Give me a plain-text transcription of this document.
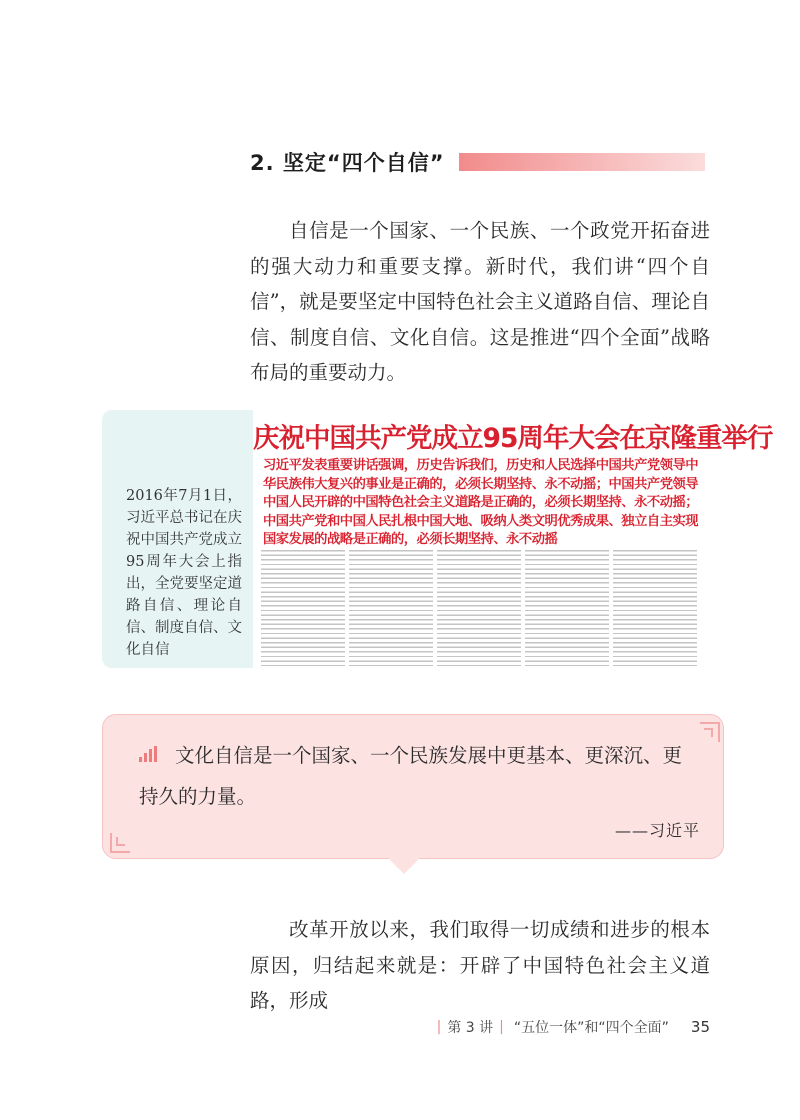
2. 坚定“四个自信”

自信是一个国家、一个民族、一个政党开拓奋进的强大动力和重要支撑。新时代，我们讲“四个自信”，就是要坚定中国特色社会主义道路自信、理论自信、制度自信、文化自信。这是推进“四个全面”战略布局的重要动力。

2016年7月1日，习近平总书记在庆祝中国共产党成立95周年大会上指出，全党要坚定道路自信、理论自信、制度自信、文化自信

庆祝中国共产党成立95周年大会在京隆重举行

习近平发表重要讲话强调，历史告诉我们，历史和人民选择中国共产党领导中华民族伟大复兴的事业是正确的，必须长期坚持、永不动摇；中国共产党领导中国人民开辟的中国特色社会主义道路是正确的，必须长期坚持、永不动摇；中国共产党和中国人民扎根中国大地、吸纳人类文明优秀成果、独立自主实现国家发展的战略是正确的，必须长期坚持、永不动摇

文化自信是一个国家、一个民族发展中更基本、更深沉、更持久的力量。

——习近平

改革开放以来，我们取得一切成绩和进步的根本原因，归结起来就是：开辟了中国特色社会主义道路，形成

| 第 3 讲 | “五位一体”和“四个全面” 35
